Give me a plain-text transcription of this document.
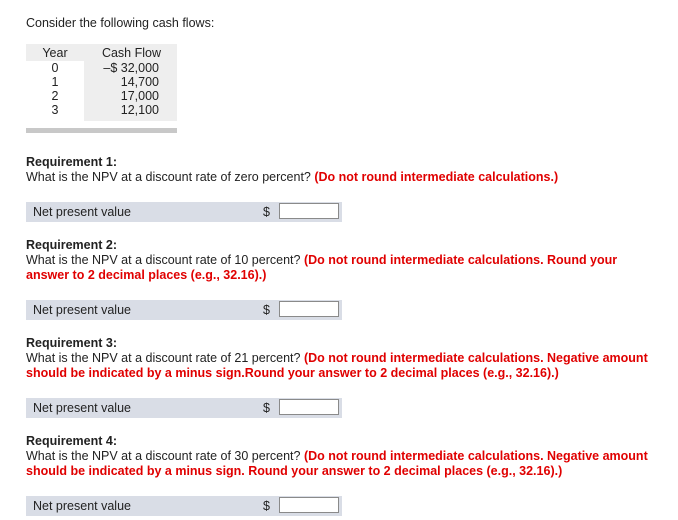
Consider the following cash flows:
Year	Cash Flow
0	–$ 32,000
1	14,700
2	17,000
3	12,100
Requirement 1:
What is the NPV at a discount rate of zero percent? (Do not round intermediate calculations.)
Net present value	$
Requirement 2:
What is the NPV at a discount rate of 10 percent? (Do not round intermediate calculations. Round your answer to 2 decimal places (e.g., 32.16).)
Net present value	$
Requirement 3:
What is the NPV at a discount rate of 21 percent? (Do not round intermediate calculations. Negative amount should be indicated by a minus sign.Round your answer to 2 decimal places (e.g., 32.16).)
Net present value	$
Requirement 4:
What is the NPV at a discount rate of 30 percent? (Do not round intermediate calculations. Negative amount should be indicated by a minus sign. Round your answer to 2 decimal places (e.g., 32.16).)
Net present value	$
